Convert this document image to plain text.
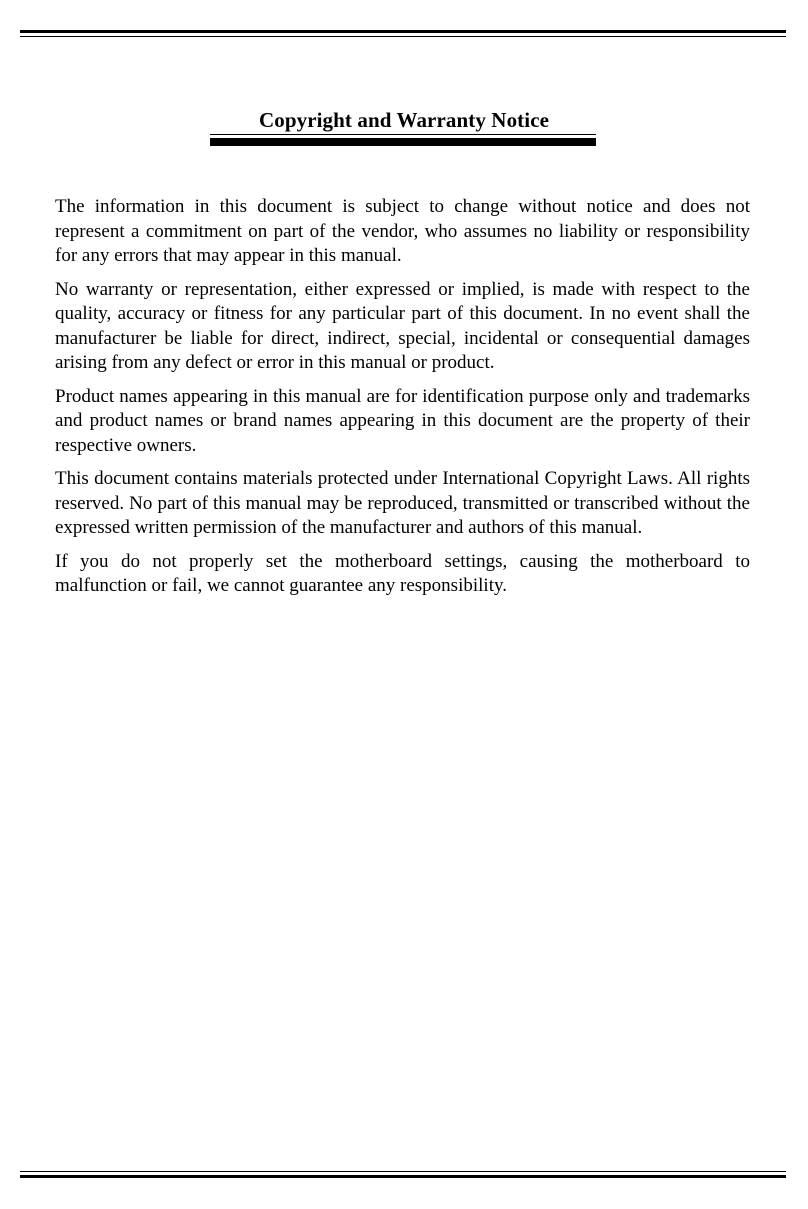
Copyright and Warranty Notice

The information in this document is subject to change without notice and does not represent a commitment on part of the vendor, who assumes no liability or responsibility for any errors that may appear in this manual.

No warranty or representation, either expressed or implied, is made with respect to the quality, accuracy or fitness for any particular part of this document. In no event shall the manufacturer be liable for direct, indirect, special, incidental or consequential damages arising from any defect or error in this manual or product.

Product names appearing in this manual are for identification purpose only and trademarks and product names or brand names appearing in this document are the property of their respective owners.

This document contains materials protected under International Copyright Laws. All rights reserved. No part of this manual may be reproduced, transmitted or transcribed without the expressed written permission of the manufacturer and authors of this manual.

If you do not properly set the motherboard settings, causing the motherboard to malfunction or fail, we cannot guarantee any responsibility.
